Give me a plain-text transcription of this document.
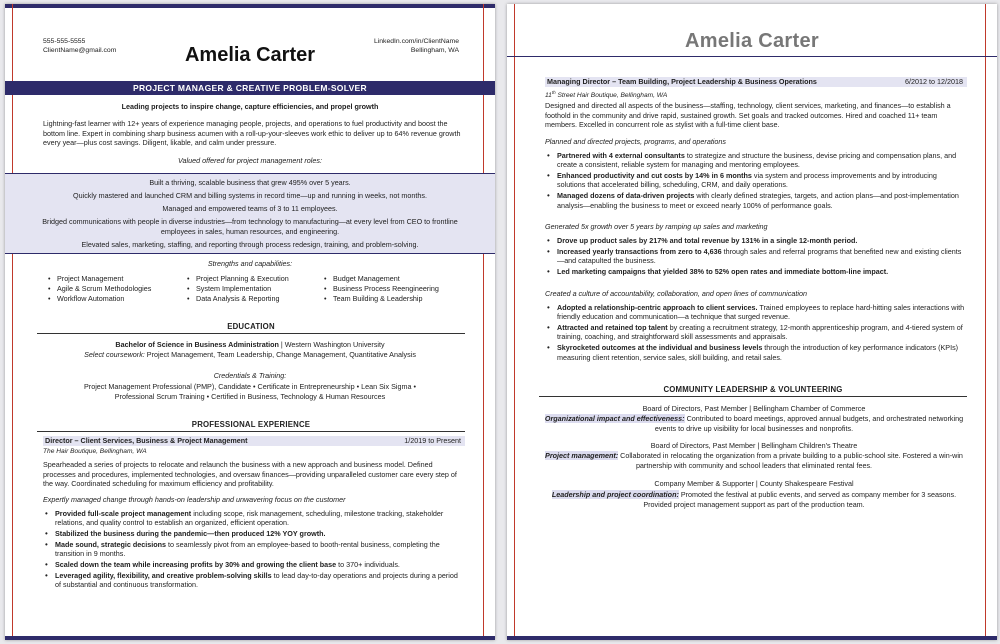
555-555-5555
ClientName@gmail.com
LinkedIn.com/in/ClientName
Bellingham, WA
Amelia Carter
PROJECT MANAGER & CREATIVE PROBLEM-SOLVER
Leading projects to inspire change, capture efficiencies, and propel growth
Lightning-fast learner with 12+ years of experience managing people, projects, and operations to fuel productivity and boost the bottom line. Expert in combining sharp business acumen with a roll-up-your-sleeves work ethic to deliver up to 64% revenue growth every year—plus cost savings. Diligent, likable, and calm under pressure.
Valued offered for project management roles:
Built a thriving, scalable business that grew 495% over 5 years.
Quickly mastered and launched CRM and billing systems in record time—up and running in weeks, not months.
Managed and empowered teams of 3 to 11 employees.
Bridged communications with people in diverse industries—from technology to manufacturing—at every level from CEO to frontline employees in sales, human resources, and engineering.
Elevated sales, marketing, staffing, and reporting through process redesign, training, and problem-solving.
Strengths and capabilities:
• Project Management
• Agile & Scrum Methodologies
• Workflow Automation
• Project Planning & Execution
• System Implementation
• Data Analysis & Reporting
• Budget Management
• Business Process Reengineering
• Team Building & Leadership
EDUCATION
Bachelor of Science in Business Administration | Western Washington University
Select coursework: Project Management, Team Leadership, Change Management, Quantitative Analysis
Credentials & Training:
Project Management Professional (PMP), Candidate • Certificate in Entrepreneurship • Lean Six Sigma •
Professional Scrum Training • Certified in Business, Technology & Human Resources
PROFESSIONAL EXPERIENCE
Director – Client Services, Business & Project Management	1/2019 to Present
The Hair Boutique, Bellingham, WA
Spearheaded a series of projects to relocate and relaunch the business with a new approach and business model. Defined processes and procedures, implemented technologies, and oversaw finances—providing unparalleled customer care every step of the way. Coordinated scheduling for maximum efficiency and profitability.
Expertly managed change through hands-on leadership and unwavering focus on the customer
• Provided full-scale project management including scope, risk management, scheduling, milestone tracking, stakeholder relations, and quality control to establish an organized, efficient operation.
• Stabilized the business during the pandemic—then produced 12% YOY growth.
• Made sound, strategic decisions to seamlessly pivot from an employee-based to booth-rental business, completing the transition in 9 months.
• Scaled down the team while increasing profits by 30% and growing the client base to 370+ individuals.
• Leveraged agility, flexibility, and creative problem-solving skills to lead day-to-day operations and projects during a period of substantial and continuous transformation.
Amelia Carter
Managing Director – Team Building, Project Leadership & Business Operations	6/2012 to 12/2018
11th Street Hair Boutique, Bellingham, WA
Designed and directed all aspects of the business—staffing, technology, client services, marketing, and finances—to establish a foothold in the community and drive rapid, sustained growth. Set goals and tracked outcomes. Hired and coached 11+ team members. Excelled in concurrent role as stylist with a full-time client base.
Planned and directed projects, programs, and operations
• Partnered with 4 external consultants to strategize and structure the business, devise pricing and compensation plans, and create a consistent, reliable system for managing and mentoring employees.
• Enhanced productivity and cut costs by 14% in 6 months via system and process improvements and by introducing solutions that accelerated billing, scheduling, CRM, and daily operations.
• Managed dozens of data-driven projects with clearly defined strategies, targets, and action plans—and post-implementation analysis—enabling the business to meet or exceed nearly 100% of performance goals.
Generated 5x growth over 5 years by ramping up sales and marketing
• Drove up product sales by 217% and total revenue by 131% in a single 12-month period.
• Increased yearly transactions from zero to 4,636 through sales and referral programs that benefited new and existing clients—and catapulted the business.
• Led marketing campaigns that yielded 38% to 52% open rates and immediate bottom-line impact.
Created a culture of accountability, collaboration, and open lines of communication
• Adopted a relationship-centric approach to client services. Trained employees to replace hard-hitting sales interactions with friendly education and communication—a technique that surged revenue.
• Attracted and retained top talent by creating a recruitment strategy, 12-month apprenticeship program, and 4-tiered system of training, coaching, and straightforward skill assessments and appraisals.
• Skyrocketed outcomes at the individual and business levels through the introduction of key performance indicators (KPIs) measuring client retention, service sales, skill building, and retail sales.
COMMUNITY LEADERSHIP & VOLUNTEERING
Board of Directors, Past Member | Bellingham Chamber of Commerce
Organizational impact and effectiveness: Contributed to board meetings, approved annual budgets, and orchestrated networking events to drive up visibility for local businesses and nonprofits.
Board of Directors, Past Member | Bellingham Children's Theatre
Project management: Collaborated in relocating the organization from a private building to a public-school site. Fostered a win-win partnership with community and school leaders that eliminated rental fees.
Company Member & Supporter | County Shakespeare Festival
Leadership and project coordination: Promoted the festival at public events, and served as company member for 3 seasons. Provided project management support as part of the production team.
